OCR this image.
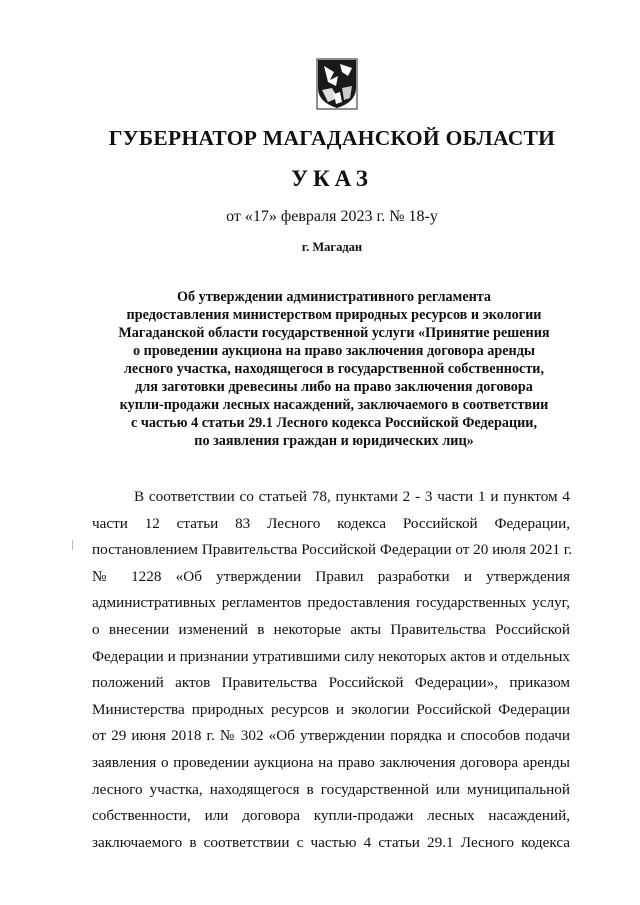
ГУБЕРНАТОР МАГАДАНСКОЙ ОБЛАСТИ
УКАЗ
от «17» февраля 2023 г. № 18-у
г. Магадан
Об утверждении административного регламента
предоставления министерством природных ресурсов и экологии
Магаданской области государственной услуги «Принятие решения
о проведении аукциона на право заключения договора аренды
лесного участка, находящегося в государственной собственности,
для заготовки древесины либо на право заключения договора
купли-продажи лесных насаждений, заключаемого в соответствии
с частью 4 статьи 29.1 Лесного кодекса Российской Федерации,
по заявления граждан и юридических лиц»
В соответствии со статьей 78, пунктами 2 - 3 части 1 и пунктом 4
части 12 статьи 83 Лесного кодекса Российской Федерации,
постановлением Правительства Российской Федерации от 20 июля 2021 г.
№ 1228 «Об утверждении Правил разработки и утверждения
административных регламентов предоставления государственных услуг,
о внесении изменений в некоторые акты Правительства Российской
Федерации и признании утратившими силу некоторых актов и отдельных
положений актов Правительства Российской Федерации», приказом
Министерства природных ресурсов и экологии Российской Федерации
от 29 июня 2018 г. № 302 «Об утверждении порядка и способов подачи
заявления о проведении аукциона на право заключения договора аренды
лесного участка, находящегося в государственной или муниципальной
собственности, или договора купли-продажи лесных насаждений,
заключаемого в соответствии с частью 4 статьи 29.1 Лесного кодекса
